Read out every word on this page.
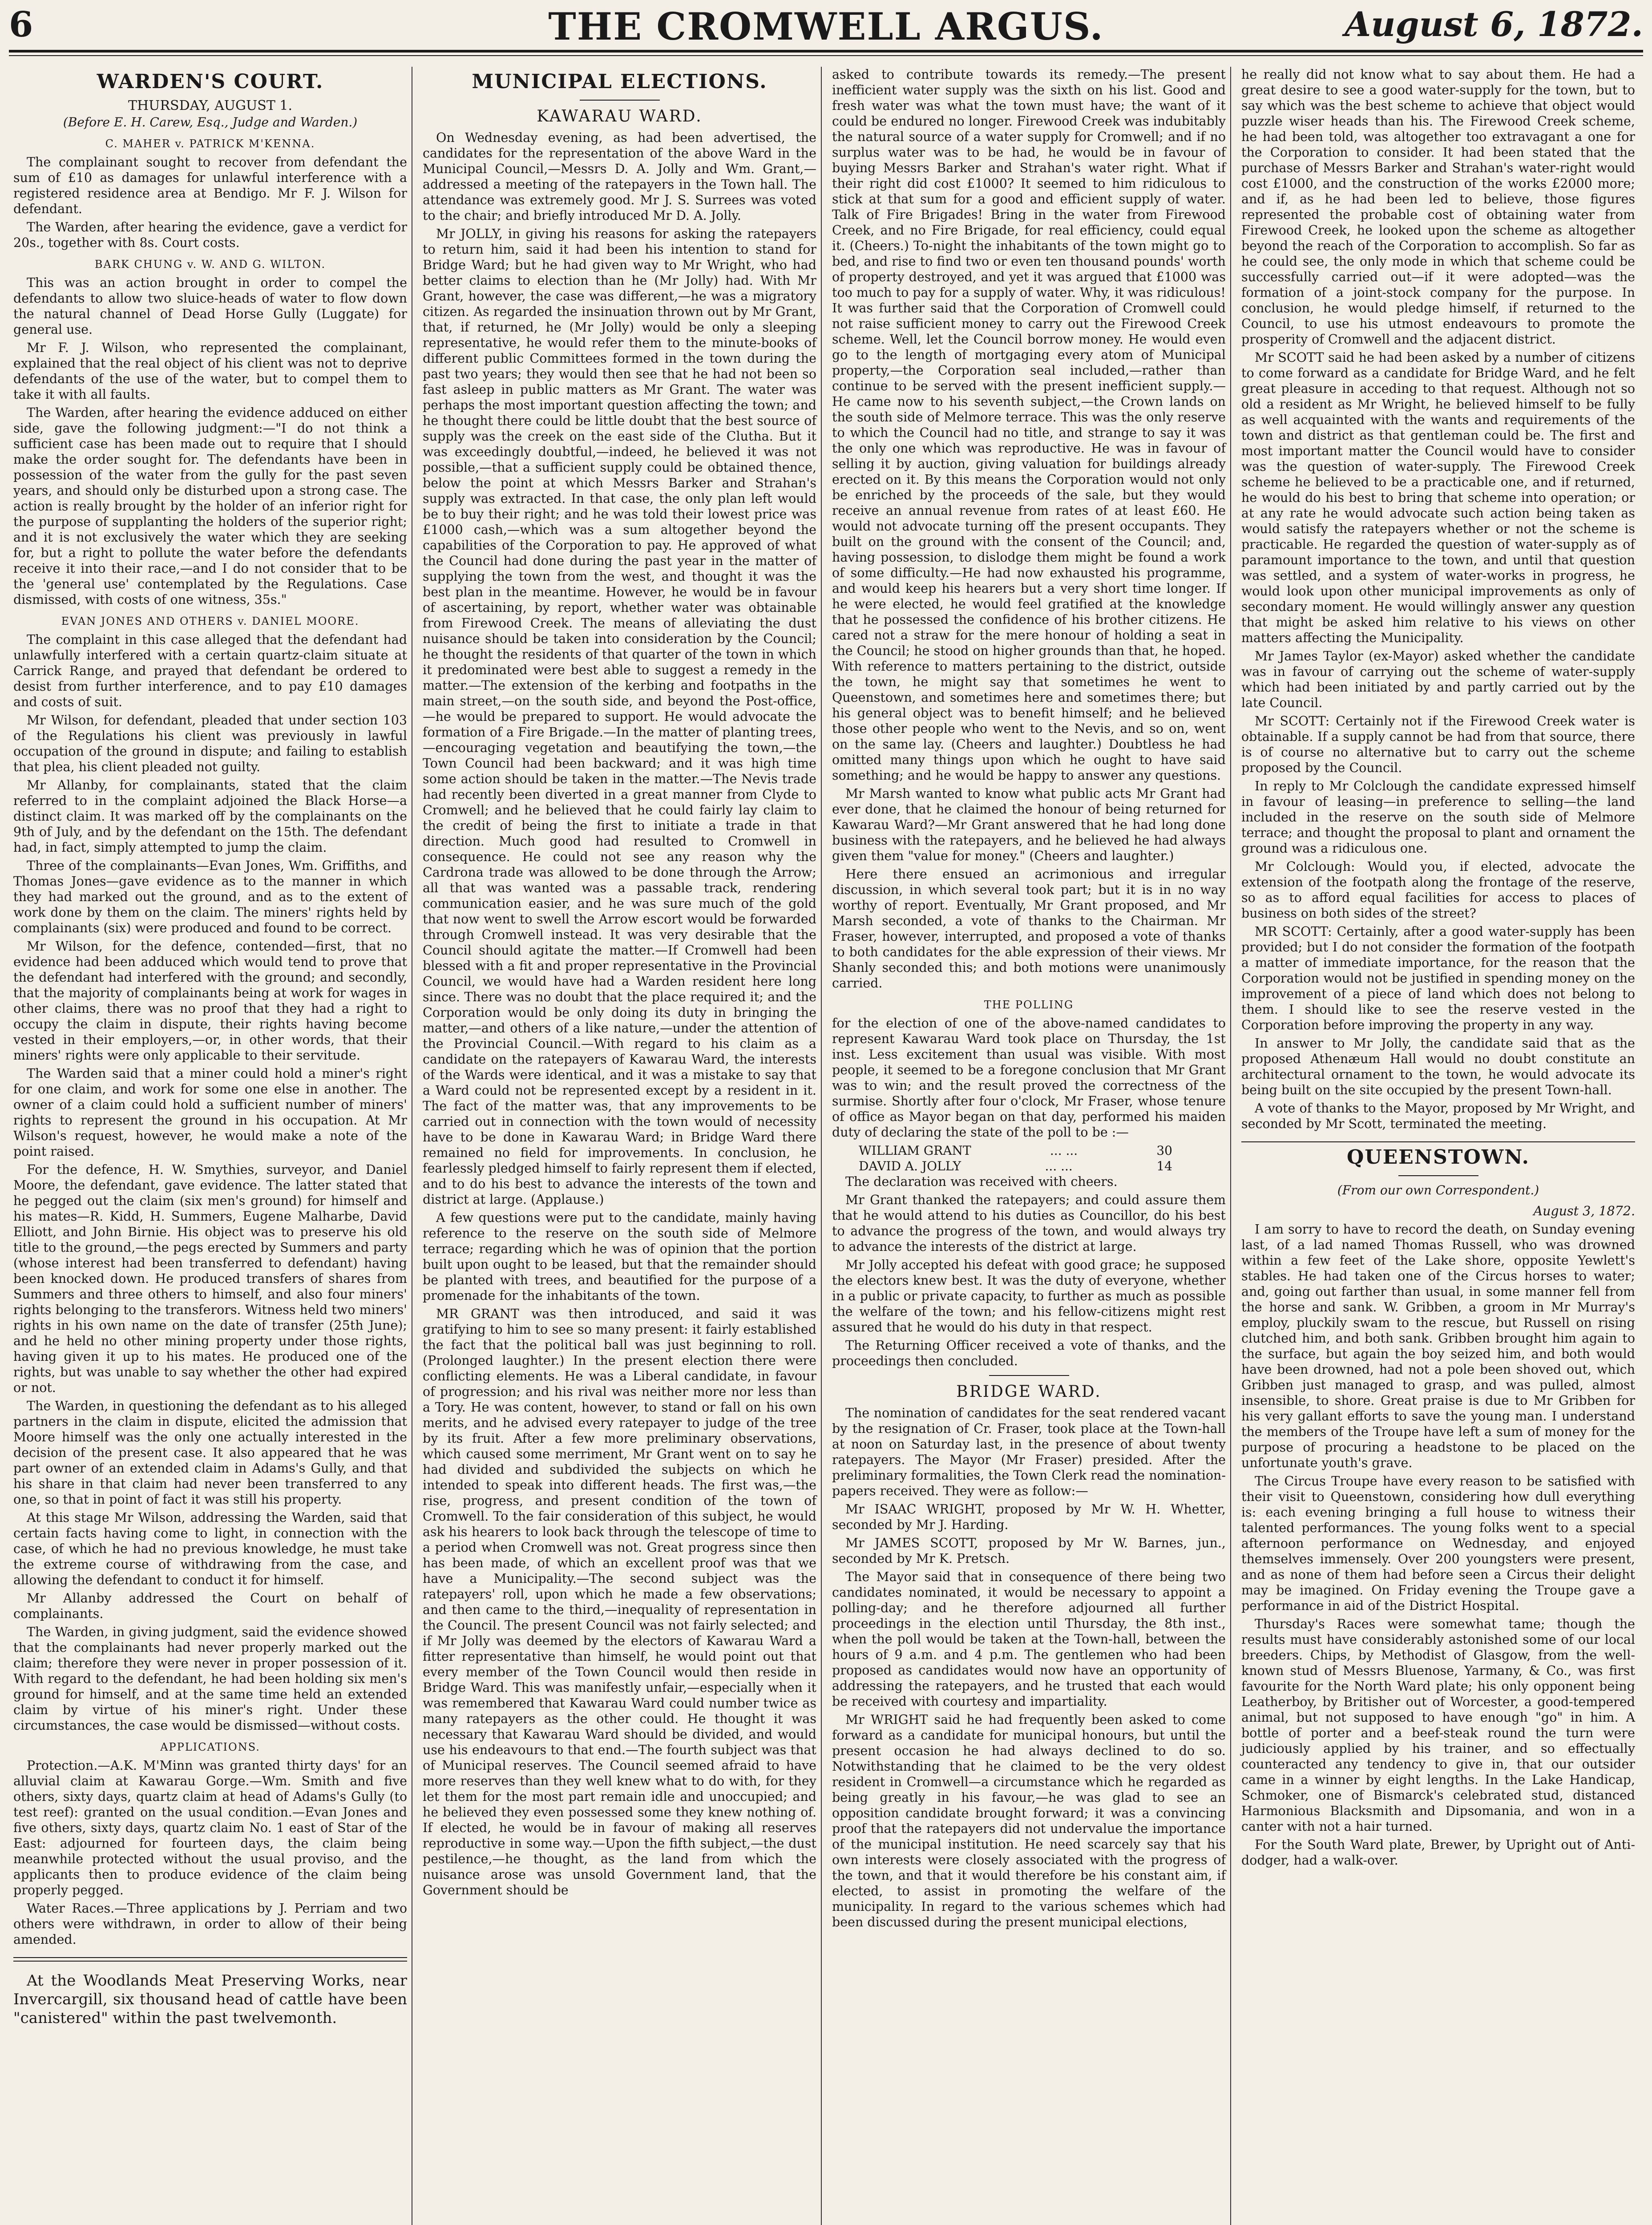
6	THE CROMWELL ARGUS.	August 6, 1872.
WARDEN'S COURT.
THURSDAY, AUGUST 1.
(Before E. H. Carew, Esq., Judge and Warden.)
C. MAHER v. PATRICK M'KENNA.

The complainant sought to recover from defendant the sum of £10 as damages for unlawful interference with a registered residence area at Bendigo. Mr F. J. Wilson for defendant.

The Warden, after hearing the evidence, gave a verdict for 20s., together with 8s. Court costs.

BARK CHUNG v. W. AND G. WILTON.

This was an action brought in order to compel the defendants to allow two sluice-heads of water to flow down the natural channel of Dead Horse Gully (Luggate) for general use.

Mr F. J. Wilson, who represented the complainant, explained that the real object of his client was not to deprive defendants of the use of the water, but to compel them to take it with all faults.

The Warden, after hearing the evidence adduced on either side, gave the following judgment:—"I do not think a sufficient case has been made out to require that I should make the order sought for. The defendants have been in possession of the water from the gully for the past seven years, and should only be disturbed upon a strong case. The action is really brought by the holder of an inferior right for the purpose of supplanting the holders of the superior right; and it is not exclusively the water which they are seeking for, but a right to pollute the water before the defendants receive it into their race,—and I do not consider that to be the 'general use' contemplated by the Regulations. Case dismissed, with costs of one witness, 35s."

EVAN JONES AND OTHERS v. DANIEL MOORE.

The complaint in this case alleged that the defendant had unlawfully interfered with a certain quartz-claim situate at Carrick Range, and prayed that defendant be ordered to desist from further interference, and to pay £10 damages and costs of suit.

Mr Wilson, for defendant, pleaded that under section 103 of the Regulations his client was previously in lawful occupation of the ground in dispute; and failing to establish that plea, his client pleaded not guilty.

Mr Allanby, for complainants, stated that the claim referred to in the complaint adjoined the Black Horse—a distinct claim. It was marked off by the complainants on the 9th of July, and by the defendant on the 15th. The defendant had, in fact, simply attempted to jump the claim.

Three of the complainants—Evan Jones, Wm. Griffiths, and Thomas Jones—gave evidence as to the manner in which they had marked out the ground, and as to the extent of work done by them on the claim. The miners' rights held by complainants (six) were produced and found to be correct.

Mr Wilson, for the defence, contended—first, that no evidence had been adduced which would tend to prove that the defendant had interfered with the ground; and secondly, that the majority of complainants being at work for wages in other claims, there was no proof that they had a right to occupy the claim in dispute, their rights having become vested in their employers,—or, in other words, that their miners' rights were only applicable to their servitude.

The Warden said that a miner could hold a miner's right for one claim, and work for some one else in another. The owner of a claim could hold a sufficient number of miners' rights to represent the ground in his occupation. At Mr Wilson's request, however, he would make a note of the point raised.

For the defence, H. W. Smythies, surveyor, and Daniel Moore, the defendant, gave evidence. The latter stated that he pegged out the claim (six men's ground) for himself and his mates—R. Kidd, H. Summers, Eugene Malharbe, David Elliott, and John Birnie. His object was to preserve his old title to the ground,—the pegs erected by Summers and party (whose interest had been transferred to defendant) having been knocked down. He produced transfers of shares from Summers and three others to himself, and also four miners' rights belonging to the transferors. Witness held two miners' rights in his own name on the date of transfer (25th June); and he held no other mining property under those rights, having given it up to his mates. He produced one of the rights, but was unable to say whether the other had expired or not.

The Warden, in questioning the defendant as to his alleged partners in the claim in dispute, elicited the admission that Moore himself was the only one actually interested in the decision of the present case. It also appeared that he was part owner of an extended claim in Adams's Gully, and that his share in that claim had never been transferred to any one, so that in point of fact it was still his property.

At this stage Mr Wilson, addressing the Warden, said that certain facts having come to light, in connection with the case, of which he had no previous knowledge, he must take the extreme course of withdrawing from the case, and allowing the defendant to conduct it for himself.

Mr Allanby addressed the Court on behalf of complainants.

The Warden, in giving judgment, said the evidence showed that the complainants had never properly marked out the claim; therefore they were never in proper possession of it. With regard to the defendant, he had been holding six men's ground for himself, and at the same time held an extended claim by virtue of his miner's right. Under these circumstances, the case would be dismissed—without costs.

APPLICATIONS.

Protection.—A.K. M'Minn was granted thirty days' for an alluvial claim at Kawarau Gorge.—Wm. Smith and five others, sixty days, quartz claim at head of Adams's Gully (to test reef): granted on the usual condition.—Evan Jones and five others, sixty days, quartz claim No. 1 east of Star of the East: adjourned for fourteen days, the claim being meanwhile protected without the usual proviso, and the applicants then to produce evidence of the claim being properly pegged.

Water Races.—Three applications by J. Perriam and two others were withdrawn, in order to allow of their being amended.

At the Woodlands Meat Preserving Works, near Invercargill, six thousand head of cattle have been "canistered" within the past twelvemonth.

MUNICIPAL ELECTIONS.
KAWARAU WARD.

On Wednesday evening, as had been advertised, the candidates for the representation of the above Ward in the Municipal Council,—Messrs D. A. Jolly and Wm. Grant,—addressed a meeting of the ratepayers in the Town hall. The attendance was extremely good. Mr J. S. Surrees was voted to the chair; and briefly introduced Mr D. A. Jolly.

Mr JOLLY, in giving his reasons for asking the ratepayers to return him, said it had been his intention to stand for Bridge Ward; but he had given way to Mr Wright, who had better claims to election than he (Mr Jolly) had. With Mr Grant, however, the case was different,—he was a migratory citizen. As regarded the insinuation thrown out by Mr Grant, that, if returned, he (Mr Jolly) would be only a sleeping representative, he would refer them to the minute-books of different public Committees formed in the town during the past two years; they would then see that he had not been so fast asleep in public matters as Mr Grant. The water was perhaps the most important question affecting the town; and he thought there could be little doubt that the best source of supply was the creek on the east side of the Clutha. But it was exceedingly doubtful,—indeed, he believed it was not possible,—that a sufficient supply could be obtained thence, below the point at which Messrs Barker and Strahan's supply was extracted. In that case, the only plan left would be to buy their right; and he was told their lowest price was £1000 cash,—which was a sum altogether beyond the capabilities of the Corporation to pay. He approved of what the Council had done during the past year in the matter of supplying the town from the west, and thought it was the best plan in the meantime. However, he would be in favour of ascertaining, by report, whether water was obtainable from Firewood Creek. The means of alleviating the dust nuisance should be taken into consideration by the Council; he thought the residents of that quarter of the town in which it predominated were best able to suggest a remedy in the matter.—The extension of the kerbing and footpaths in the main street,—on the south side, and beyond the Post-office,—he would be prepared to support. He would advocate the formation of a Fire Brigade.—In the matter of planting trees,—encouraging vegetation and beautifying the town,—the Town Council had been backward; and it was high time some action should be taken in the matter.—The Nevis trade had recently been diverted in a great manner from Clyde to Cromwell; and he believed that he could fairly lay claim to the credit of being the first to initiate a trade in that direction. Much good had resulted to Cromwell in consequence. He could not see any reason why the Cardrona trade was allowed to be done through the Arrow; all that was wanted was a passable track, rendering communication easier, and he was sure much of the gold that now went to swell the Arrow escort would be forwarded through Cromwell instead. It was very desirable that the Council should agitate the matter.—If Cromwell had been blessed with a fit and proper representative in the Provincial Council, we would have had a Warden resident here long since. There was no doubt that the place required it; and the Corporation would be only doing its duty in bringing the matter,—and others of a like nature,—under the attention of the Provincial Council.—With regard to his claim as a candidate on the ratepayers of Kawarau Ward, the interests of the Wards were identical, and it was a mistake to say that a Ward could not be represented except by a resident in it. The fact of the matter was, that any improvements to be carried out in connection with the town would of necessity have to be done in Kawarau Ward; in Bridge Ward there remained no field for improvements. In conclusion, he fearlessly pledged himself to fairly represent them if elected, and to do his best to advance the interests of the town and district at large. (Applause.)

A few questions were put to the candidate, mainly having reference to the reserve on the south side of Melmore terrace; regarding which he was of opinion that the portion built upon ought to be leased, but that the remainder should be planted with trees, and beautified for the purpose of a promenade for the inhabitants of the town.

MR GRANT was then introduced, and said it was gratifying to him to see so many present: it fairly established the fact that the political ball was just beginning to roll. (Prolonged laughter.) In the present election there were conflicting elements. He was a Liberal candidate, in favour of progression; and his rival was neither more nor less than a Tory. He was content, however, to stand or fall on his own merits, and he advised every ratepayer to judge of the tree by its fruit. After a few more preliminary observations, which caused some merriment, Mr Grant went on to say he had divided and subdivided the subjects on which he intended to speak into different heads. The first was,—the rise, progress, and present condition of the town of Cromwell. To the fair consideration of this subject, he would ask his hearers to look back through the telescope of time to a period when Cromwell was not. Great progress since then has been made, of which an excellent proof was that we have a Municipality.—The second subject was the ratepayers' roll, upon which he made a few observations; and then came to the third,—inequality of representation in the Council. The present Council was not fairly selected; and if Mr Jolly was deemed by the electors of Kawarau Ward a fitter representative than himself, he would point out that every member of the Town Council would then reside in Bridge Ward. This was manifestly unfair,—especially when it was remembered that Kawarau Ward could number twice as many ratepayers as the other could. He thought it was necessary that Kawarau Ward should be divided, and would use his endeavours to that end.—The fourth subject was that of Municipal reserves. The Council seemed afraid to have more reserves than they well knew what to do with, for they let them for the most part remain idle and unoccupied; and he believed they even possessed some they knew nothing of. If elected, he would be in favour of making all reserves reproductive in some way.—Upon the fifth subject,—the dust pestilence,—he thought, as the land from which the nuisance arose was unsold Government land, that the Government should be

asked to contribute towards its remedy.—The present inefficient water supply was the sixth on his list. Good and fresh water was what the town must have; the want of it could be endured no longer. Firewood Creek was indubitably the natural source of a water supply for Cromwell; and if no surplus water was to be had, he would be in favour of buying Messrs Barker and Strahan's water right. What if their right did cost £1000? It seemed to him ridiculous to stick at that sum for a good and efficient supply of water. Talk of Fire Brigades! Bring in the water from Firewood Creek, and no Fire Brigade, for real efficiency, could equal it. (Cheers.) To-night the inhabitants of the town might go to bed, and rise to find two or even ten thousand pounds' worth of property destroyed, and yet it was argued that £1000 was too much to pay for a supply of water. Why, it was ridiculous! It was further said that the Corporation of Cromwell could not raise sufficient money to carry out the Firewood Creek scheme. Well, let the Council borrow money. He would even go to the length of mortgaging every atom of Municipal property,—the Corporation seal included,—rather than continue to be served with the present inefficient supply.—He came now to his seventh subject,—the Crown lands on the south side of Melmore terrace. This was the only reserve to which the Council had no title, and strange to say it was the only one which was reproductive. He was in favour of selling it by auction, giving valuation for buildings already erected on it. By this means the Corporation would not only be enriched by the proceeds of the sale, but they would receive an annual revenue from rates of at least £60. He would not advocate turning off the present occupants. They built on the ground with the consent of the Council; and, having possession, to dislodge them might be found a work of some difficulty.—He had now exhausted his programme, and would keep his hearers but a very short time longer. If he were elected, he would feel gratified at the knowledge that he possessed the confidence of his brother citizens. He cared not a straw for the mere honour of holding a seat in the Council; he stood on higher grounds than that, he hoped. With reference to matters pertaining to the district, outside the town, he might say that sometimes he went to Queenstown, and sometimes here and sometimes there; but his general object was to benefit himself; and he believed those other people who went to the Nevis, and so on, went on the same lay. (Cheers and laughter.) Doubtless he had omitted many things upon which he ought to have said something; and he would be happy to answer any questions.

Mr Marsh wanted to know what public acts Mr Grant had ever done, that he claimed the honour of being returned for Kawarau Ward?—Mr Grant answered that he had long done business with the ratepayers, and he believed he had always given them "value for money." (Cheers and laughter.)

Here there ensued an acrimonious and irregular discussion, in which several took part; but it is in no way worthy of report. Eventually, Mr Grant proposed, and Mr Marsh seconded, a vote of thanks to the Chairman. Mr Fraser, however, interrupted, and proposed a vote of thanks to both candidates for the able expression of their views. Mr Shanly seconded this; and both motions were unanimously carried.

THE POLLING

for the election of one of the above-named candidates to represent Kawarau Ward took place on Thursday, the 1st inst. Less excitement than usual was visible. With most people, it seemed to be a foregone conclusion that Mr Grant was to win; and the result proved the correctness of the surmise. Shortly after four o'clock, Mr Fraser, whose tenure of office as Mayor began on that day, performed his maiden duty of declaring the state of the poll to be :—

WILLIAM GRANT	... ...	30
DAVID A. JOLLY	... ...	14

The declaration was received with cheers.

Mr Grant thanked the ratepayers; and could assure them that he would attend to his duties as Councillor, do his best to advance the progress of the town, and would always try to advance the interests of the district at large.

Mr Jolly accepted his defeat with good grace; he supposed the electors knew best. It was the duty of everyone, whether in a public or private capacity, to further as much as possible the welfare of the town; and his fellow-citizens might rest assured that he would do his duty in that respect.

The Returning Officer received a vote of thanks, and the proceedings then concluded.

BRIDGE WARD.

The nomination of candidates for the seat rendered vacant by the resignation of Cr. Fraser, took place at the Town-hall at noon on Saturday last, in the presence of about twenty ratepayers. The Mayor (Mr Fraser) presided. After the preliminary formalities, the Town Clerk read the nomination-papers received. They were as follow:—

Mr ISAAC WRIGHT, proposed by Mr W. H. Whetter, seconded by Mr J. Harding.

Mr JAMES SCOTT, proposed by Mr W. Barnes, jun., seconded by Mr K. Pretsch.

The Mayor said that in consequence of there being two candidates nominated, it would be necessary to appoint a polling-day; and he therefore adjourned all further proceedings in the election until Thursday, the 8th inst., when the poll would be taken at the Town-hall, between the hours of 9 a.m. and 4 p.m. The gentlemen who had been proposed as candidates would now have an opportunity of addressing the ratepayers, and he trusted that each would be received with courtesy and impartiality.

Mr WRIGHT said he had frequently been asked to come forward as a candidate for municipal honours, but until the present occasion he had always declined to do so. Notwithstanding that he claimed to be the very oldest resident in Cromwell—a circumstance which he regarded as being greatly in his favour,—he was glad to see an opposition candidate brought forward; it was a convincing proof that the ratepayers did not undervalue the importance of the municipal institution. He need scarcely say that his own interests were closely associated with the progress of the town, and that it would therefore be his constant aim, if elected, to assist in promoting the welfare of the municipality. In regard to the various schemes which had been discussed during the present municipal elections,

he really did not know what to say about them. He had a great desire to see a good water-supply for the town, but to say which was the best scheme to achieve that object would puzzle wiser heads than his. The Firewood Creek scheme, he had been told, was altogether too extravagant a one for the Corporation to consider. It had been stated that the purchase of Messrs Barker and Strahan's water-right would cost £1000, and the construction of the works £2000 more; and if, as he had been led to believe, those figures represented the probable cost of obtaining water from Firewood Creek, he looked upon the scheme as altogether beyond the reach of the Corporation to accomplish. So far as he could see, the only mode in which that scheme could be successfully carried out—if it were adopted—was the formation of a joint-stock company for the purpose. In conclusion, he would pledge himself, if returned to the Council, to use his utmost endeavours to promote the prosperity of Cromwell and the adjacent district.

Mr SCOTT said he had been asked by a number of citizens to come forward as a candidate for Bridge Ward, and he felt great pleasure in acceding to that request. Although not so old a resident as Mr Wright, he believed himself to be fully as well acquainted with the wants and requirements of the town and district as that gentleman could be. The first and most important matter the Council would have to consider was the question of water-supply. The Firewood Creek scheme he believed to be a practicable one, and if returned, he would do his best to bring that scheme into operation; or at any rate he would advocate such action being taken as would satisfy the ratepayers whether or not the scheme is practicable. He regarded the question of water-supply as of paramount importance to the town, and until that question was settled, and a system of water-works in progress, he would look upon other municipal improvements as only of secondary moment. He would willingly answer any question that might be asked him relative to his views on other matters affecting the Municipality.

Mr James Taylor (ex-Mayor) asked whether the candidate was in favour of carrying out the scheme of water-supply which had been initiated by and partly carried out by the late Council.

Mr SCOTT: Certainly not if the Firewood Creek water is obtainable. If a supply cannot be had from that source, there is of course no alternative but to carry out the scheme proposed by the Council.

In reply to Mr Colclough the candidate expressed himself in favour of leasing—in preference to selling—the land included in the reserve on the south side of Melmore terrace; and thought the proposal to plant and ornament the ground was a ridiculous one.

Mr Colclough: Would you, if elected, advocate the extension of the footpath along the frontage of the reserve, so as to afford equal facilities for access to places of business on both sides of the street?

MR SCOTT: Certainly, after a good water-supply has been provided; but I do not consider the formation of the footpath a matter of immediate importance, for the reason that the Corporation would not be justified in spending money on the improvement of a piece of land which does not belong to them. I should like to see the reserve vested in the Corporation before improving the property in any way.

In answer to Mr Jolly, the candidate said that as the proposed Athenæum Hall would no doubt constitute an architectural ornament to the town, he would advocate its being built on the site occupied by the present Town-hall.

A vote of thanks to the Mayor, proposed by Mr Wright, and seconded by Mr Scott, terminated the meeting.

QUEENSTOWN.
(From our own Correspondent.)

August 3, 1872.

I am sorry to have to record the death, on Sunday evening last, of a lad named Thomas Russell, who was drowned within a few feet of the Lake shore, opposite Yewlett's stables. He had taken one of the Circus horses to water; and, going out farther than usual, in some manner fell from the horse and sank. W. Gribben, a groom in Mr Murray's employ, pluckily swam to the rescue, but Russell on rising clutched him, and both sank. Gribben brought him again to the surface, but again the boy seized him, and both would have been drowned, had not a pole been shoved out, which Gribben just managed to grasp, and was pulled, almost insensible, to shore. Great praise is due to Mr Gribben for his very gallant efforts to save the young man. I understand the members of the Troupe have left a sum of money for the purpose of procuring a headstone to be placed on the unfortunate youth's grave.

The Circus Troupe have every reason to be satisfied with their visit to Queenstown, considering how dull everything is: each evening bringing a full house to witness their talented performances. The young folks went to a special afternoon performance on Wednesday, and enjoyed themselves immensely. Over 200 youngsters were present, and as none of them had before seen a Circus their delight may be imagined. On Friday evening the Troupe gave a performance in aid of the District Hospital.

Thursday's Races were somewhat tame; though the results must have considerably astonished some of our local breeders. Chips, by Methodist of Glasgow, from the well-known stud of Messrs Bluenose, Yarmany, & Co., was first favourite for the North Ward plate; his only opponent being Leatherboy, by Britisher out of Worcester, a good-tempered animal, but not supposed to have enough "go" in him. A bottle of porter and a beef-steak round the turn were judiciously applied by his trainer, and so effectually counteracted any tendency to give in, that our outsider came in a winner by eight lengths. In the Lake Handicap, Schmoker, one of Bismarck's celebrated stud, distanced Harmonious Blacksmith and Dipsomania, and won in a canter with not a hair turned.

For the South Ward plate, Brewer, by Upright out of Anti-dodger, had a walk-over.
